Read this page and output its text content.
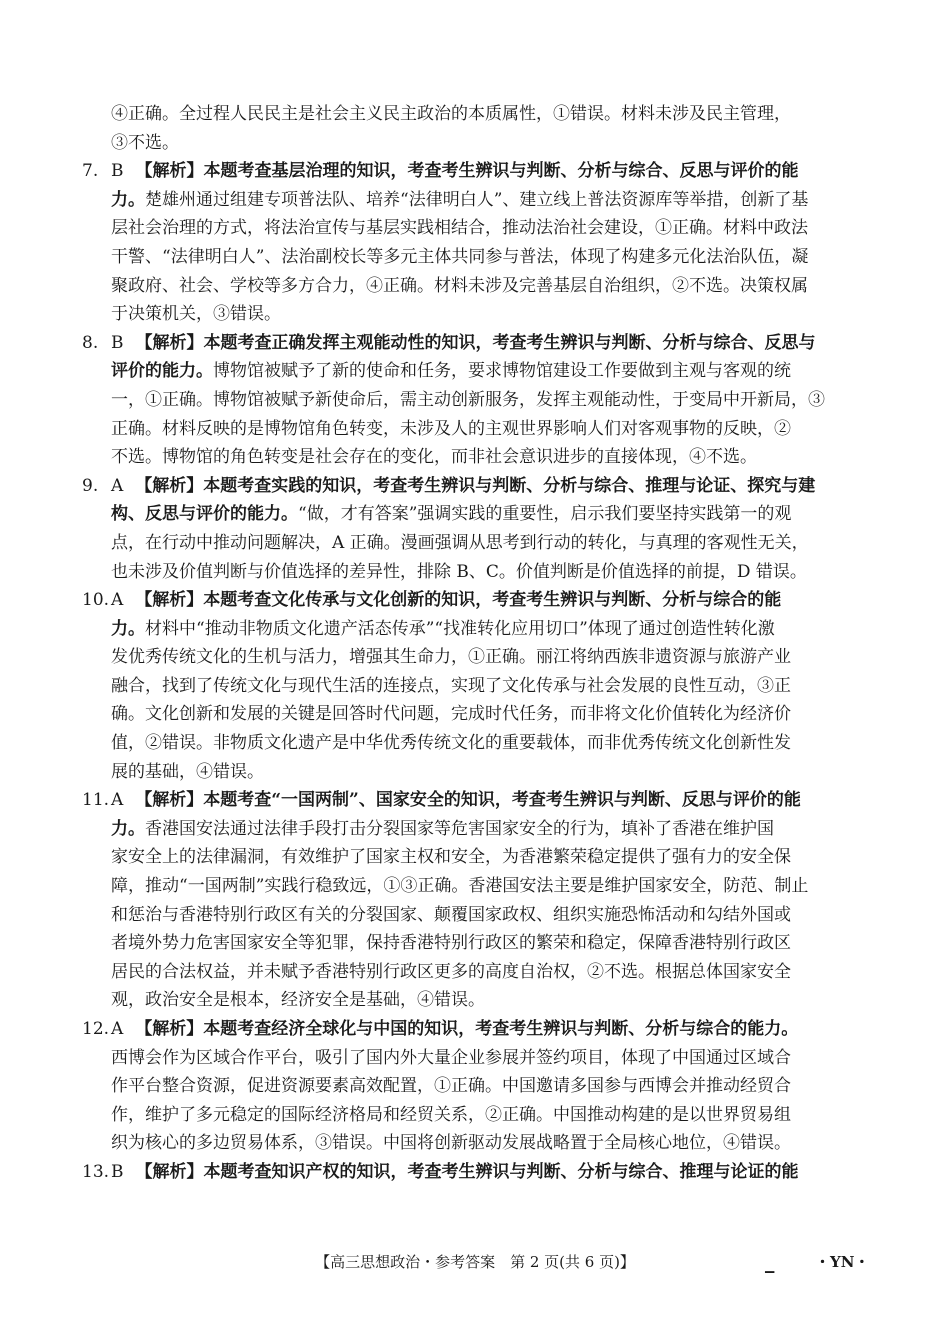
④正确。全过程人民民主是社会主义民主政治的本质属性，①错误。材料未涉及民主管理，
③不选。
7. B 【解析】本题考查基层治理的知识，考查考生辨识与判断、分析与综合、反思与评价的能
力。楚雄州通过组建专项普法队、培养“法律明白人”、建立线上普法资源库等举措，创新了基
层社会治理的方式，将法治宣传与基层实践相结合，推动法治社会建设，①正确。材料中政法
干警、“法律明白人”、法治副校长等多元主体共同参与普法，体现了构建多元化法治队伍，凝
聚政府、社会、学校等多方合力，④正确。材料未涉及完善基层自治组织，②不选。决策权属
于决策机关，③错误。
8. B 【解析】本题考查正确发挥主观能动性的知识，考查考生辨识与判断、分析与综合、反思与
评价的能力。博物馆被赋予了新的使命和任务，要求博物馆建设工作要做到主观与客观的统
一，①正确。博物馆被赋予新使命后，需主动创新服务，发挥主观能动性，于变局中开新局，③
正确。材料反映的是博物馆角色转变，未涉及人的主观世界影响人们对客观事物的反映，②
不选。博物馆的角色转变是社会存在的变化，而非社会意识进步的直接体现，④不选。
9. A 【解析】本题考查实践的知识，考查考生辨识与判断、分析与综合、推理与论证、探究与建
构、反思与评价的能力。“做，才有答案”强调实践的重要性，启示我们要坚持实践第一的观
点，在行动中推动问题解决，A 正确。漫画强调从思考到行动的转化，与真理的客观性无关，
也未涉及价值判断与价值选择的差异性，排除 B、C。价值判断是价值选择的前提，D 错误。
10. A 【解析】本题考查文化传承与文化创新的知识，考查考生辨识与判断、分析与综合的能
力。材料中“推动非物质文化遗产活态传承”“找准转化应用切口”体现了通过创造性转化激
发优秀传统文化的生机与活力，增强其生命力，①正确。丽江将纳西族非遗资源与旅游产业
融合，找到了传统文化与现代生活的连接点，实现了文化传承与社会发展的良性互动，③正
确。文化创新和发展的关键是回答时代问题，完成时代任务，而非将文化价值转化为经济价
值，②错误。非物质文化遗产是中华优秀传统文化的重要载体，而非优秀传统文化创新性发
展的基础，④错误。
11. A 【解析】本题考查“一国两制”、国家安全的知识，考查考生辨识与判断、反思与评价的能
力。香港国安法通过法律手段打击分裂国家等危害国家安全的行为，填补了香港在维护国
家安全上的法律漏洞，有效维护了国家主权和安全，为香港繁荣稳定提供了强有力的安全保
障，推动“一国两制”实践行稳致远，①③正确。香港国安法主要是维护国家安全，防范、制止
和惩治与香港特别行政区有关的分裂国家、颠覆国家政权、组织实施恐怖活动和勾结外国或
者境外势力危害国家安全等犯罪，保持香港特别行政区的繁荣和稳定，保障香港特别行政区
居民的合法权益，并未赋予香港特别行政区更多的高度自治权，②不选。根据总体国家安全
观，政治安全是根本，经济安全是基础，④错误。
12. A 【解析】本题考查经济全球化与中国的知识，考查考生辨识与判断、分析与综合的能力。
西博会作为区域合作平台，吸引了国内外大量企业参展并签约项目，体现了中国通过区域合
作平台整合资源，促进资源要素高效配置，①正确。中国邀请多国参与西博会并推动经贸合
作，维护了多元稳定的国际经济格局和经贸关系，②正确。中国推动构建的是以世界贸易组
织为核心的多边贸易体系，③错误。中国将创新驱动发展战略置于全局核心地位，④错误。
13. B 【解析】本题考查知识产权的知识，考查考生辨识与判断、分析与综合、推理与论证的能
【高三思想政治・参考答案　第 2 页(共 6 页)】	▁	・YN・
